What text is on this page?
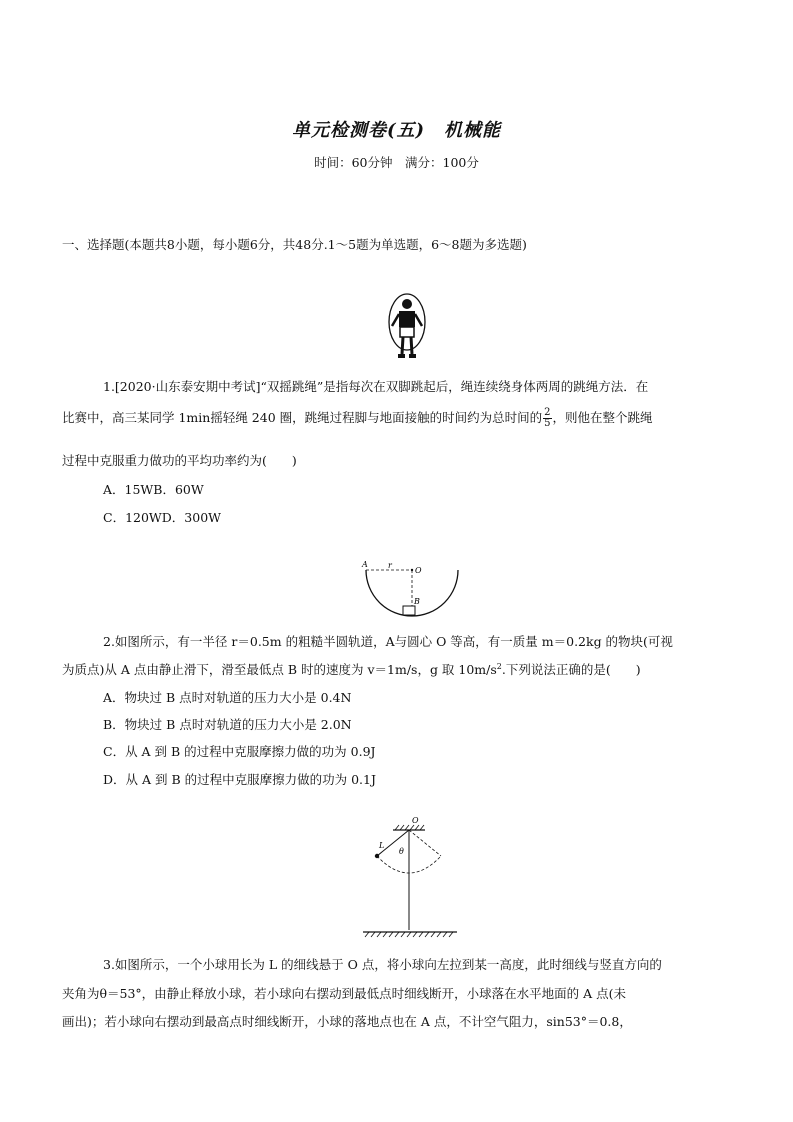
单元检测卷(五)　机械能
时间：60分钟　满分：100分
一、选择题(本题共8小题，每小题6分，共48分.1～5题为单选题，6～8题为多选题)
1.[2020·山东泰安期中考试]“双摇跳绳”是指每次在双脚跳起后，绳连续绕身体两周的跳绳方法．在
比赛中，高三某同学 1min摇轻绳 240 圈，跳绳过程脚与地面接触的时间约为总时间的 $\frac{2}{5}$ ，则他在整个跳绳
过程中克服重力做功的平均功率约为(　　)
A．15WB．60W
C．120WD．300W
A	r
O
B
2.如图所示，有一半径 r＝0.5m 的粗糙半圆轨道，A与圆心 O 等高，有一质量 m＝0.2kg 的物块(可视
为质点)从 A 点由静止滑下，滑至最低点 B 时的速度为 v＝1m/s，g 取 $10m/s^2$.下列说法正确的是(　　)
A．物块过 B 点时对轨道的压力大小是 0.4N
B．物块过 B 点时对轨道的压力大小是 2.0N
C．从 A 到 B 的过程中克服摩擦力做的功为 0.9J
D．从 A 到 B 的过程中克服摩擦力做的功为 0.1J
O
L
θ
3.如图所示，一个小球用长为 L 的细线悬于 O 点，将小球向左拉到某一高度，此时细线与竖直方向的
夹角为θ＝53°，由静止释放小球，若小球向右摆动到最低点时细线断开，小球落在水平地面的 A 点(未
画出)；若小球向右摆动到最高点时细线断开，小球的落地点也在 A 点，不计空气阻力，sin53°＝0.8，
